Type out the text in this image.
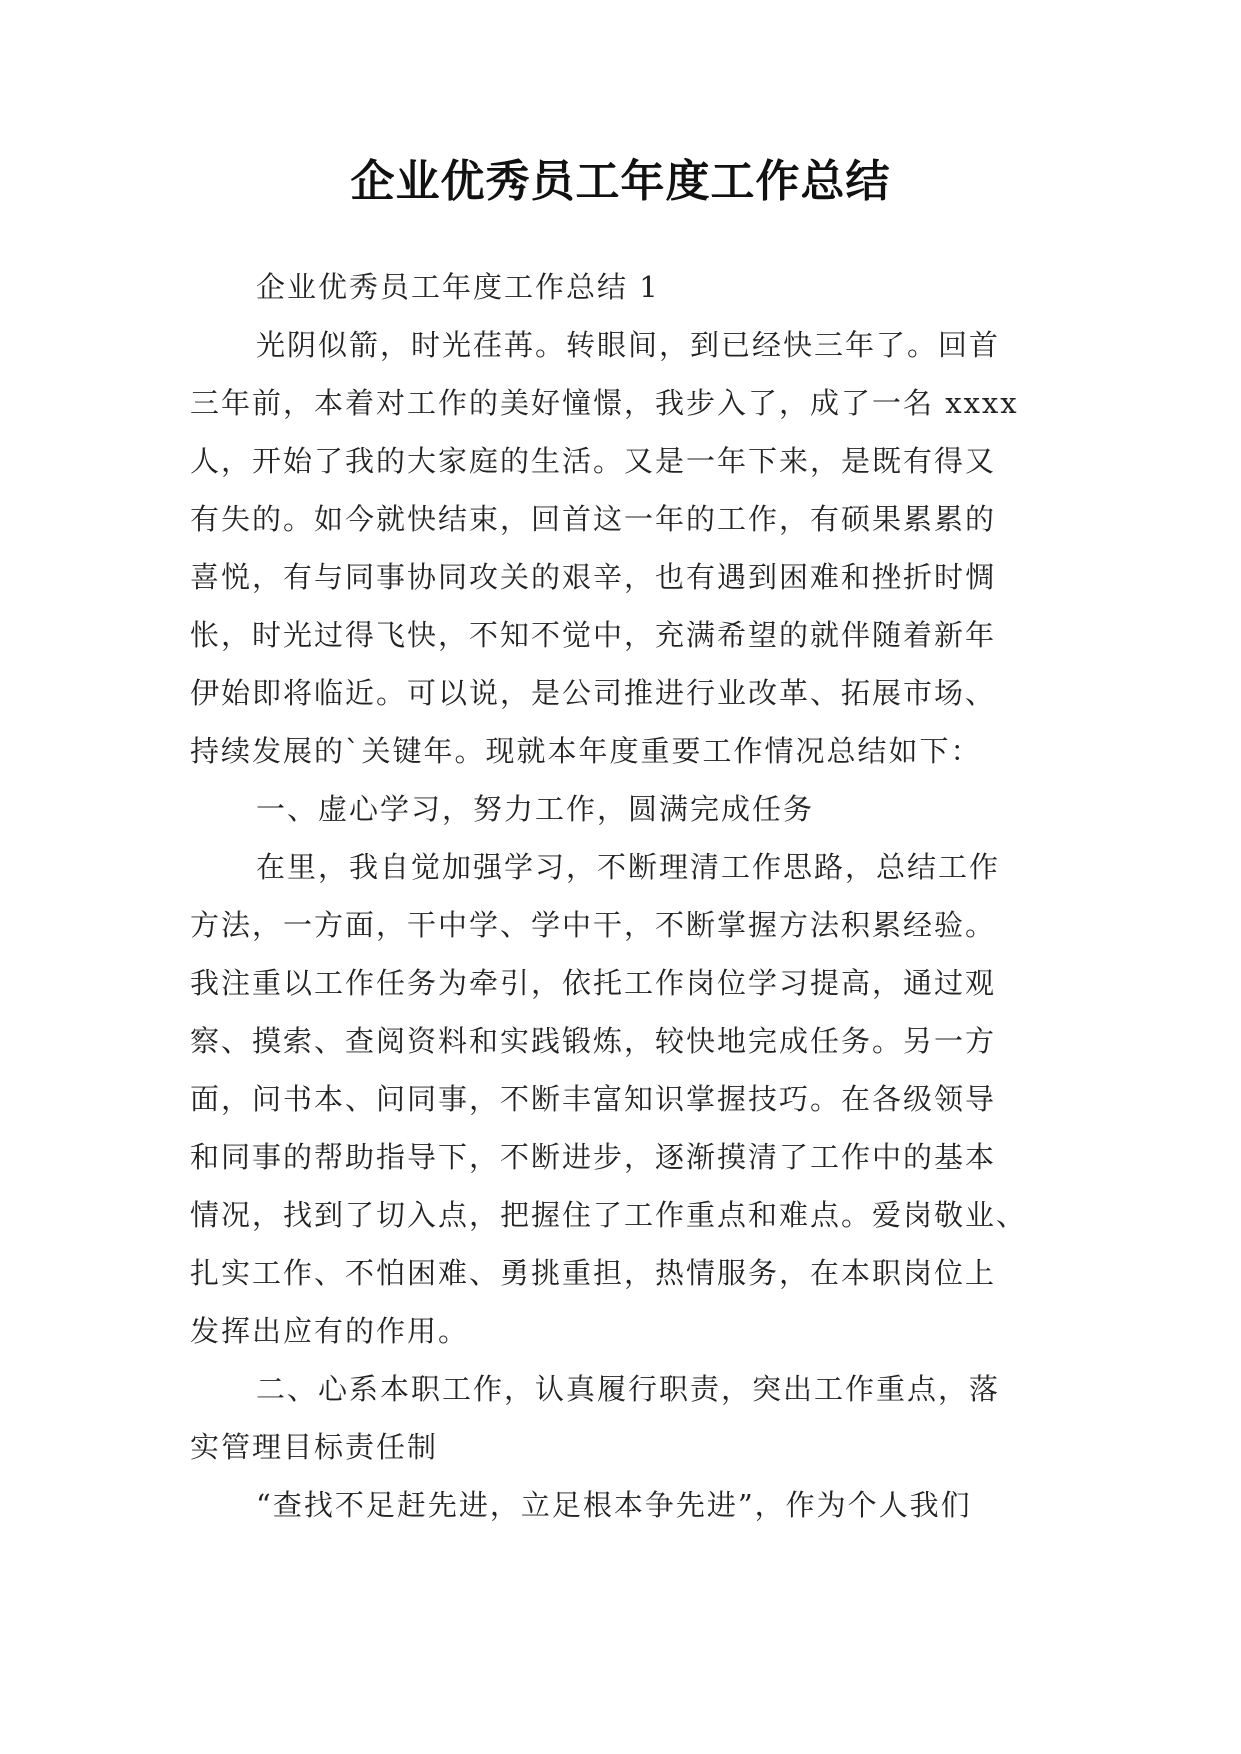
企业优秀员工年度工作总结
企业优秀员工年度工作总结 1
光阴似箭，时光荏苒。转眼间，到已经快三年了。回首
三年前，本着对工作的美好憧憬，我步入了，成了一名 xxxx
人，开始了我的大家庭的生活。又是一年下来，是既有得又
有失的。如今就快结束，回首这一年的工作，有硕果累累的
喜悦，有与同事协同攻关的艰辛，也有遇到困难和挫折时惆
怅，时光过得飞快，不知不觉中，充满希望的就伴随着新年
伊始即将临近。可以说，是公司推进行业改革、拓展市场、
持续发展的`关键年。现就本年度重要工作情况总结如下：
一、虚心学习，努力工作，圆满完成任务
在里，我自觉加强学习，不断理清工作思路，总结工作
方法，一方面，干中学、学中干，不断掌握方法积累经验。
我注重以工作任务为牵引，依托工作岗位学习提高，通过观
察、摸索、查阅资料和实践锻炼，较快地完成任务。另一方
面，问书本、问同事，不断丰富知识掌握技巧。在各级领导
和同事的帮助指导下，不断进步，逐渐摸清了工作中的基本
情况，找到了切入点，把握住了工作重点和难点。爱岗敬业、
扎实工作、不怕困难、勇挑重担，热情服务，在本职岗位上
发挥出应有的作用。
二、心系本职工作，认真履行职责，突出工作重点，落
实管理目标责任制
“查找不足赶先进，立足根本争先进”，作为个人我们
